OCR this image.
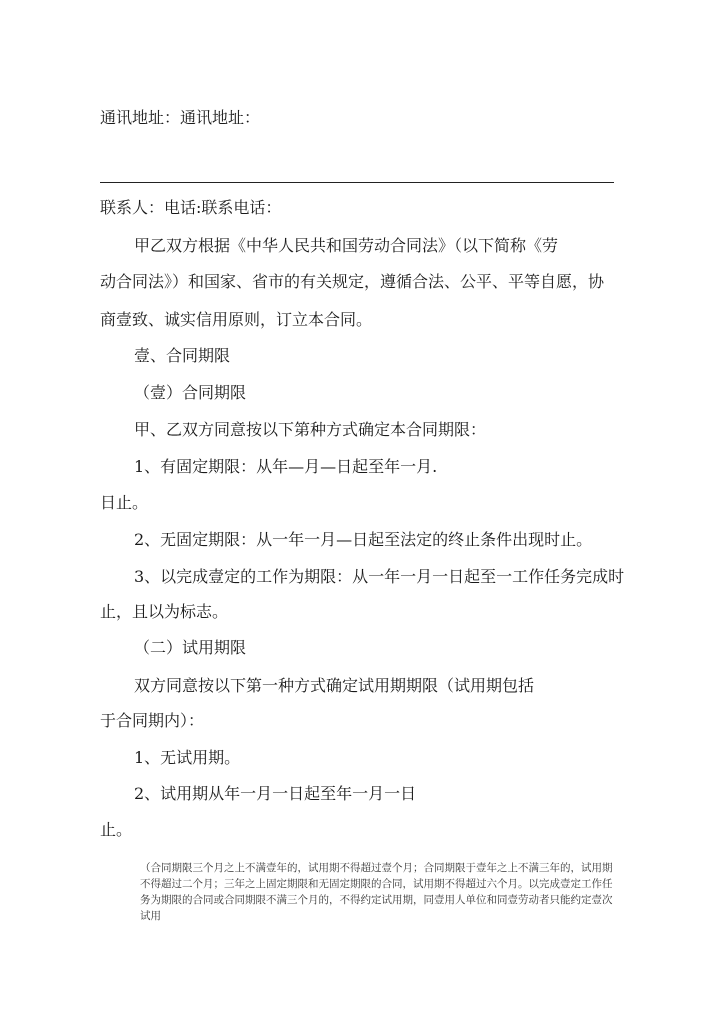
通讯地址：通讯地址：
联系人：电话:联系电话：
甲乙双方根据《中华人民共和国劳动合同法》（以下简称《劳
动合同法》）和国家、省市的有关规定，遵循合法、公平、平等自愿，协
商壹致、诚实信用原则，订立本合同。
壹、合同期限
（壹）合同期限
甲、乙双方同意按以下第种方式确定本合同期限：
1、有固定期限：从年—月—日起至年一月.
日止。
2、无固定期限：从一年一月—日起至法定的终止条件出现时止。
3、以完成壹定的工作为期限：从一年一月一日起至一工作任务完成时
止，且以为标志。
（二）试用期限
双方同意按以下第一种方式确定试用期期限（试用期包括
于合同期内）：
1、无试用期。
2、试用期从年一月一日起至年一月一日
止。
（合同期限三个月之上不满壹年的，试用期不得超过壹个月；合同期限于壹年之上不满三年的，试用期不得超过二个月；三年之上固定期限和无固定期限的合同，试用期不得超过六个月。以完成壹定工作任务为期限的合同或合同期限不满三个月的，不得约定试用期，同壹用人单位和同壹劳动者只能约定壹次试用
